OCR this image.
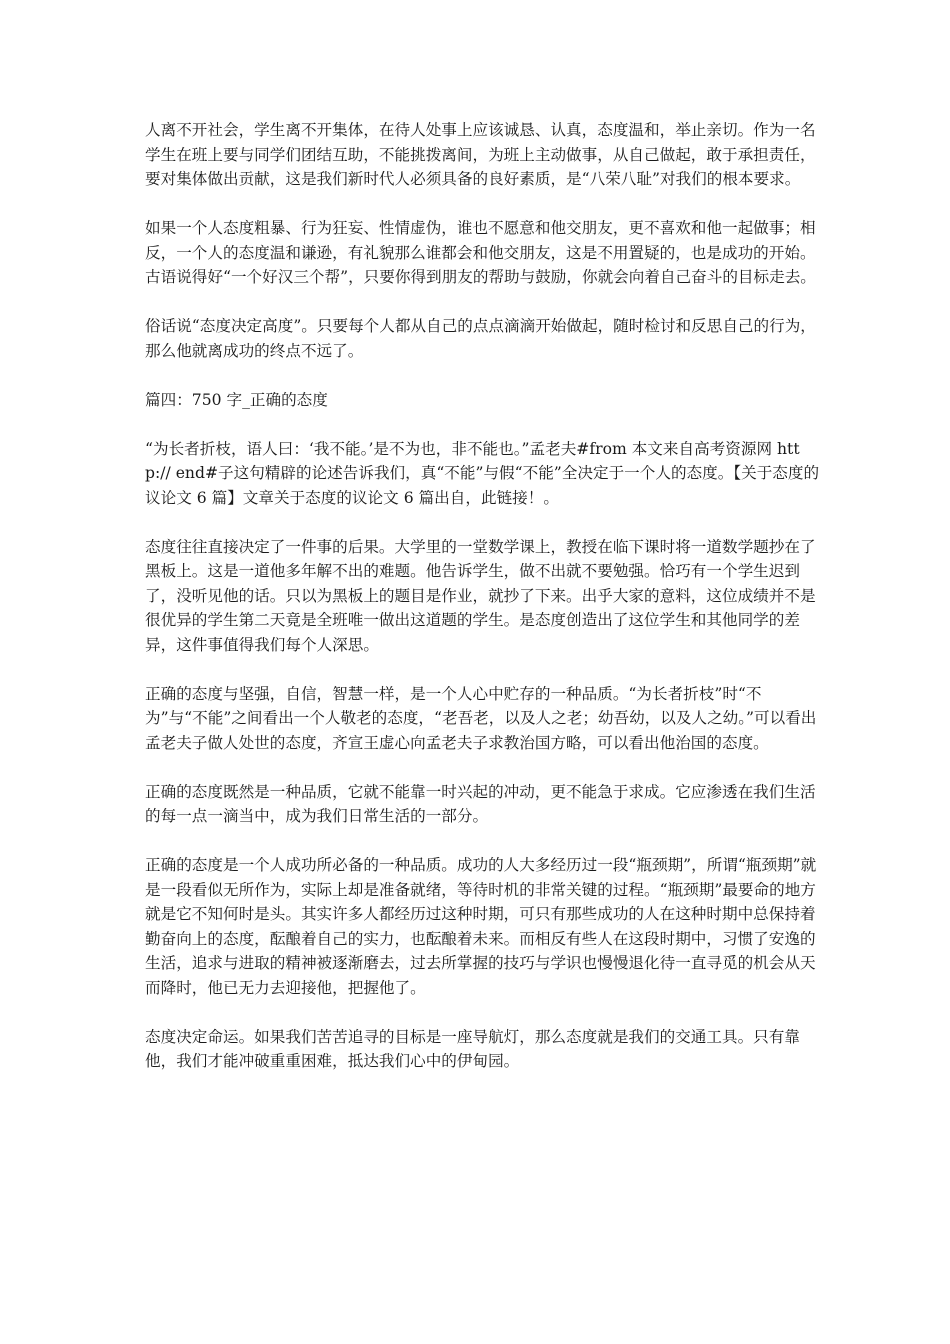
人离不开社会，学生离不开集体，在待人处事上应该诚恳、认真，态度温和，举止亲切。作为一名学生在班上要与同学们团结互助，不能挑拨离间，为班上主动做事，从自己做起，敢于承担责任，要对集体做出贡献，这是我们新时代人必须具备的良好素质，是“八荣八耻”对我们的根本要求。

如果一个人态度粗暴、行为狂妄、性情虚伪，谁也不愿意和他交朋友，更不喜欢和他一起做事；相反，一个人的态度温和谦逊，有礼貌那么谁都会和他交朋友，这是不用置疑的，也是成功的开始。古语说得好“一个好汉三个帮”，只要你得到朋友的帮助与鼓励，你就会向着自己奋斗的目标走去。

俗话说“态度决定高度”。只要每个人都从自己的点点滴滴开始做起，随时检讨和反思自己的行为，那么他就离成功的终点不远了。

篇四：750 字_正确的态度

“为长者折枝，语人曰：‘我不能。’是不为也，非不能也。”孟老夫#from 本文来自高考资源网 http:// end#子这句精辟的论述告诉我们，真“不能”与假“不能”全决定于一个人的态度。【关于态度的议论文 6 篇】文章关于态度的议论文 6 篇出自，此链接！。

态度往往直接决定了一件事的后果。大学里的一堂数学课上，教授在临下课时将一道数学题抄在了黑板上。这是一道他多年解不出的难题。他告诉学生，做不出就不要勉强。恰巧有一个学生迟到了，没听见他的话。只以为黑板上的题目是作业，就抄了下来。出乎大家的意料，这位成绩并不是很优异的学生第二天竟是全班唯一做出这道题的学生。是态度创造出了这位学生和其他同学的差异，这件事值得我们每个人深思。

正确的态度与坚强，自信，智慧一样，是一个人心中贮存的一种品质。“为长者折枝”时“不为”与“不能”之间看出一个人敬老的态度，“老吾老，以及人之老；幼吾幼，以及人之幼。”可以看出孟老夫子做人处世的态度，齐宣王虚心向孟老夫子求教治国方略，可以看出他治国的态度。

正确的态度既然是一种品质，它就不能靠一时兴起的冲动，更不能急于求成。它应渗透在我们生活的每一点一滴当中，成为我们日常生活的一部分。

正确的态度是一个人成功所必备的一种品质。成功的人大多经历过一段“瓶颈期”，所谓“瓶颈期”就是一段看似无所作为，实际上却是准备就绪，等待时机的非常关键的过程。“瓶颈期”最要命的地方就是它不知何时是头。其实许多人都经历过这种时期，可只有那些成功的人在这种时期中总保持着勤奋向上的态度，酝酿着自己的实力，也酝酿着未来。而相反有些人在这段时期中，习惯了安逸的生活，追求与进取的精神被逐渐磨去，过去所掌握的技巧与学识也慢慢退化待一直寻觅的机会从天而降时，他已无力去迎接他，把握他了。

态度决定命运。如果我们苦苦追寻的目标是一座导航灯，那么态度就是我们的交通工具。只有靠他，我们才能冲破重重困难，抵达我们心中的伊甸园。
